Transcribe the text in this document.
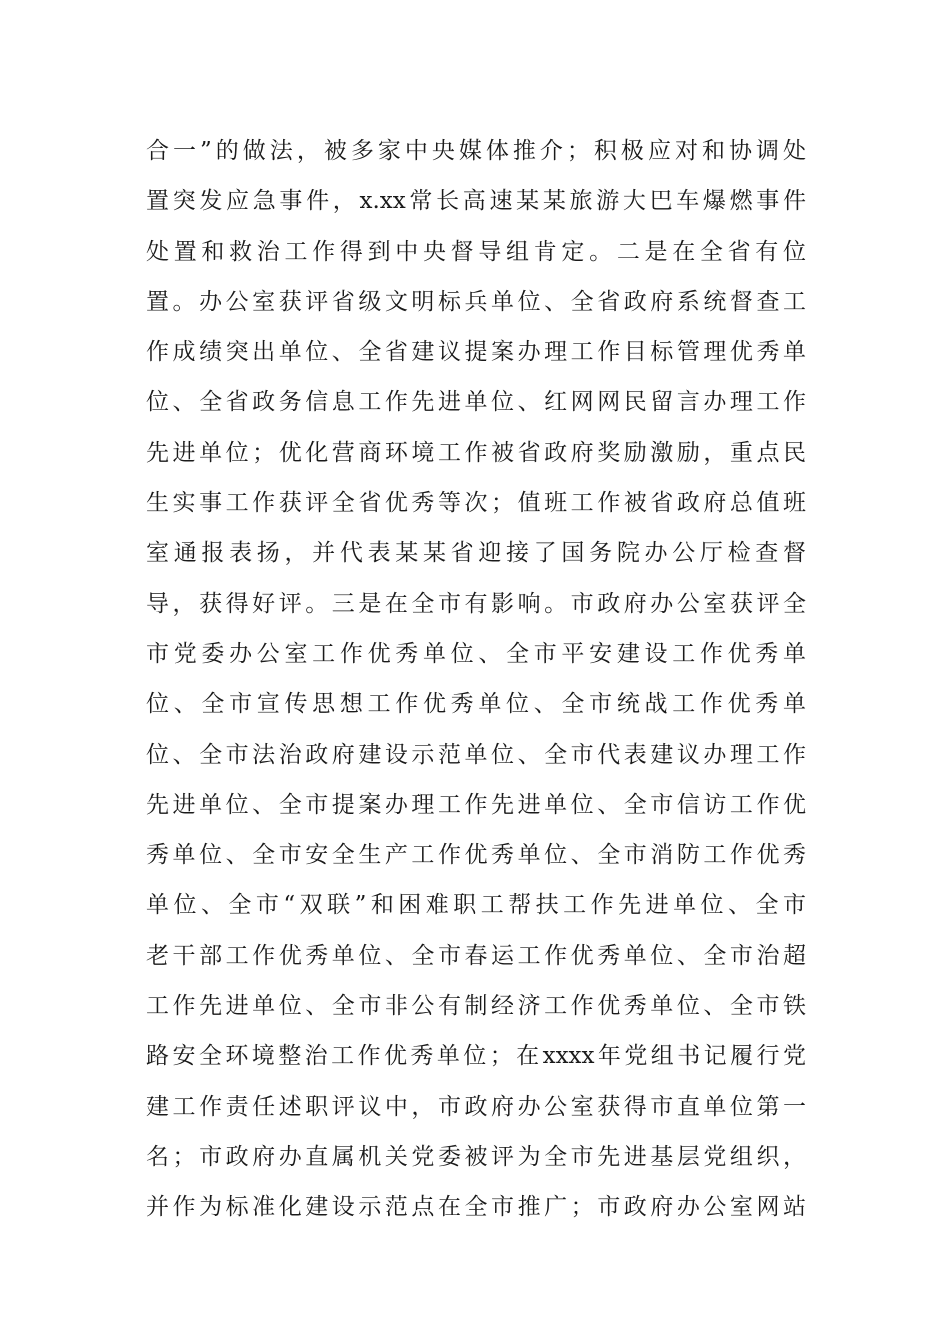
合一”的做法，被多家中央媒体推介；积极应对和协调处
置突发应急事件，x.xx常长高速某某旅游大巴车爆燃事件
处置和救治工作得到中央督导组肯定。二是在全省有位
置。办公室获评省级文明标兵单位、全省政府系统督查工
作成绩突出单位、全省建议提案办理工作目标管理优秀单
位、全省政务信息工作先进单位、红网网民留言办理工作
先进单位；优化营商环境工作被省政府奖励激励，重点民
生实事工作获评全省优秀等次；值班工作被省政府总值班
室通报表扬，并代表某某省迎接了国务院办公厅检查督
导，获得好评。三是在全市有影响。市政府办公室获评全
市党委办公室工作优秀单位、全市平安建设工作优秀单
位、全市宣传思想工作优秀单位、全市统战工作优秀单
位、全市法治政府建设示范单位、全市代表建议办理工作
先进单位、全市提案办理工作先进单位、全市信访工作优
秀单位、全市安全生产工作优秀单位、全市消防工作优秀
单位、全市“双联”和困难职工帮扶工作先进单位、全市
老干部工作优秀单位、全市春运工作优秀单位、全市治超
工作先进单位、全市非公有制经济工作优秀单位、全市铁
路安全环境整治工作优秀单位；在xxxx年党组书记履行党
建工作责任述职评议中，市政府办公室获得市直单位第一
名；市政府办直属机关党委被评为全市先进基层党组织，
并作为标准化建设示范点在全市推广；市政府办公室网站
